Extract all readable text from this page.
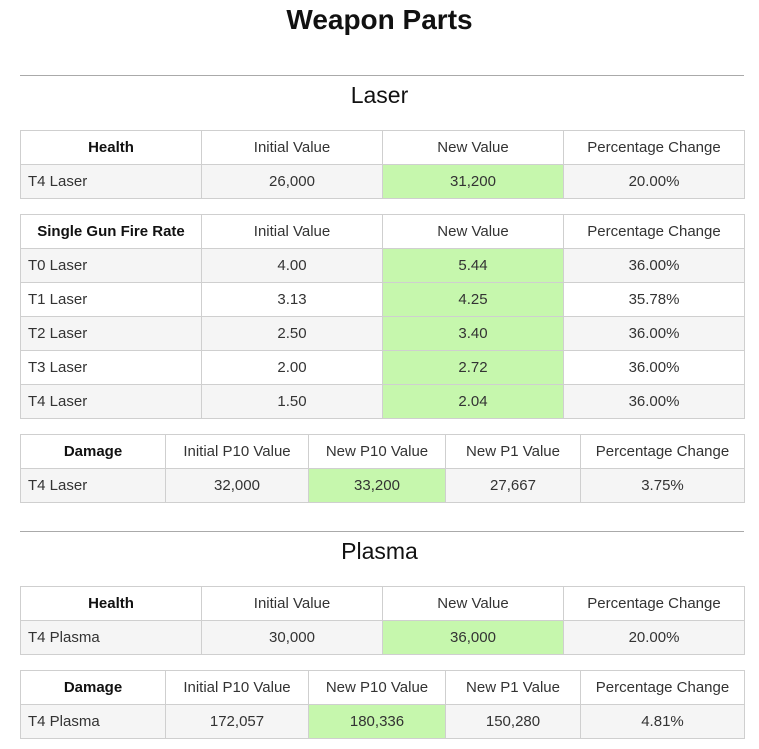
Weapon Parts
Laser
Health	Initial Value	New Value	Percentage Change
T4 Laser	26,000	31,200	20.00%
Single Gun Fire Rate	Initial Value	New Value	Percentage Change
T0 Laser	4.00	5.44	36.00%
T1 Laser	3.13	4.25	35.78%
T2 Laser	2.50	3.40	36.00%
T3 Laser	2.00	2.72	36.00%
T4 Laser	1.50	2.04	36.00%
Damage	Initial P10 Value	New P10 Value	New P1 Value	Percentage Change
T4 Laser	32,000	33,200	27,667	3.75%
Plasma
Health	Initial Value	New Value	Percentage Change
T4 Plasma	30,000	36,000	20.00%
Damage	Initial P10 Value	New P10 Value	New P1 Value	Percentage Change
T4 Plasma	172,057	180,336	150,280	4.81%
